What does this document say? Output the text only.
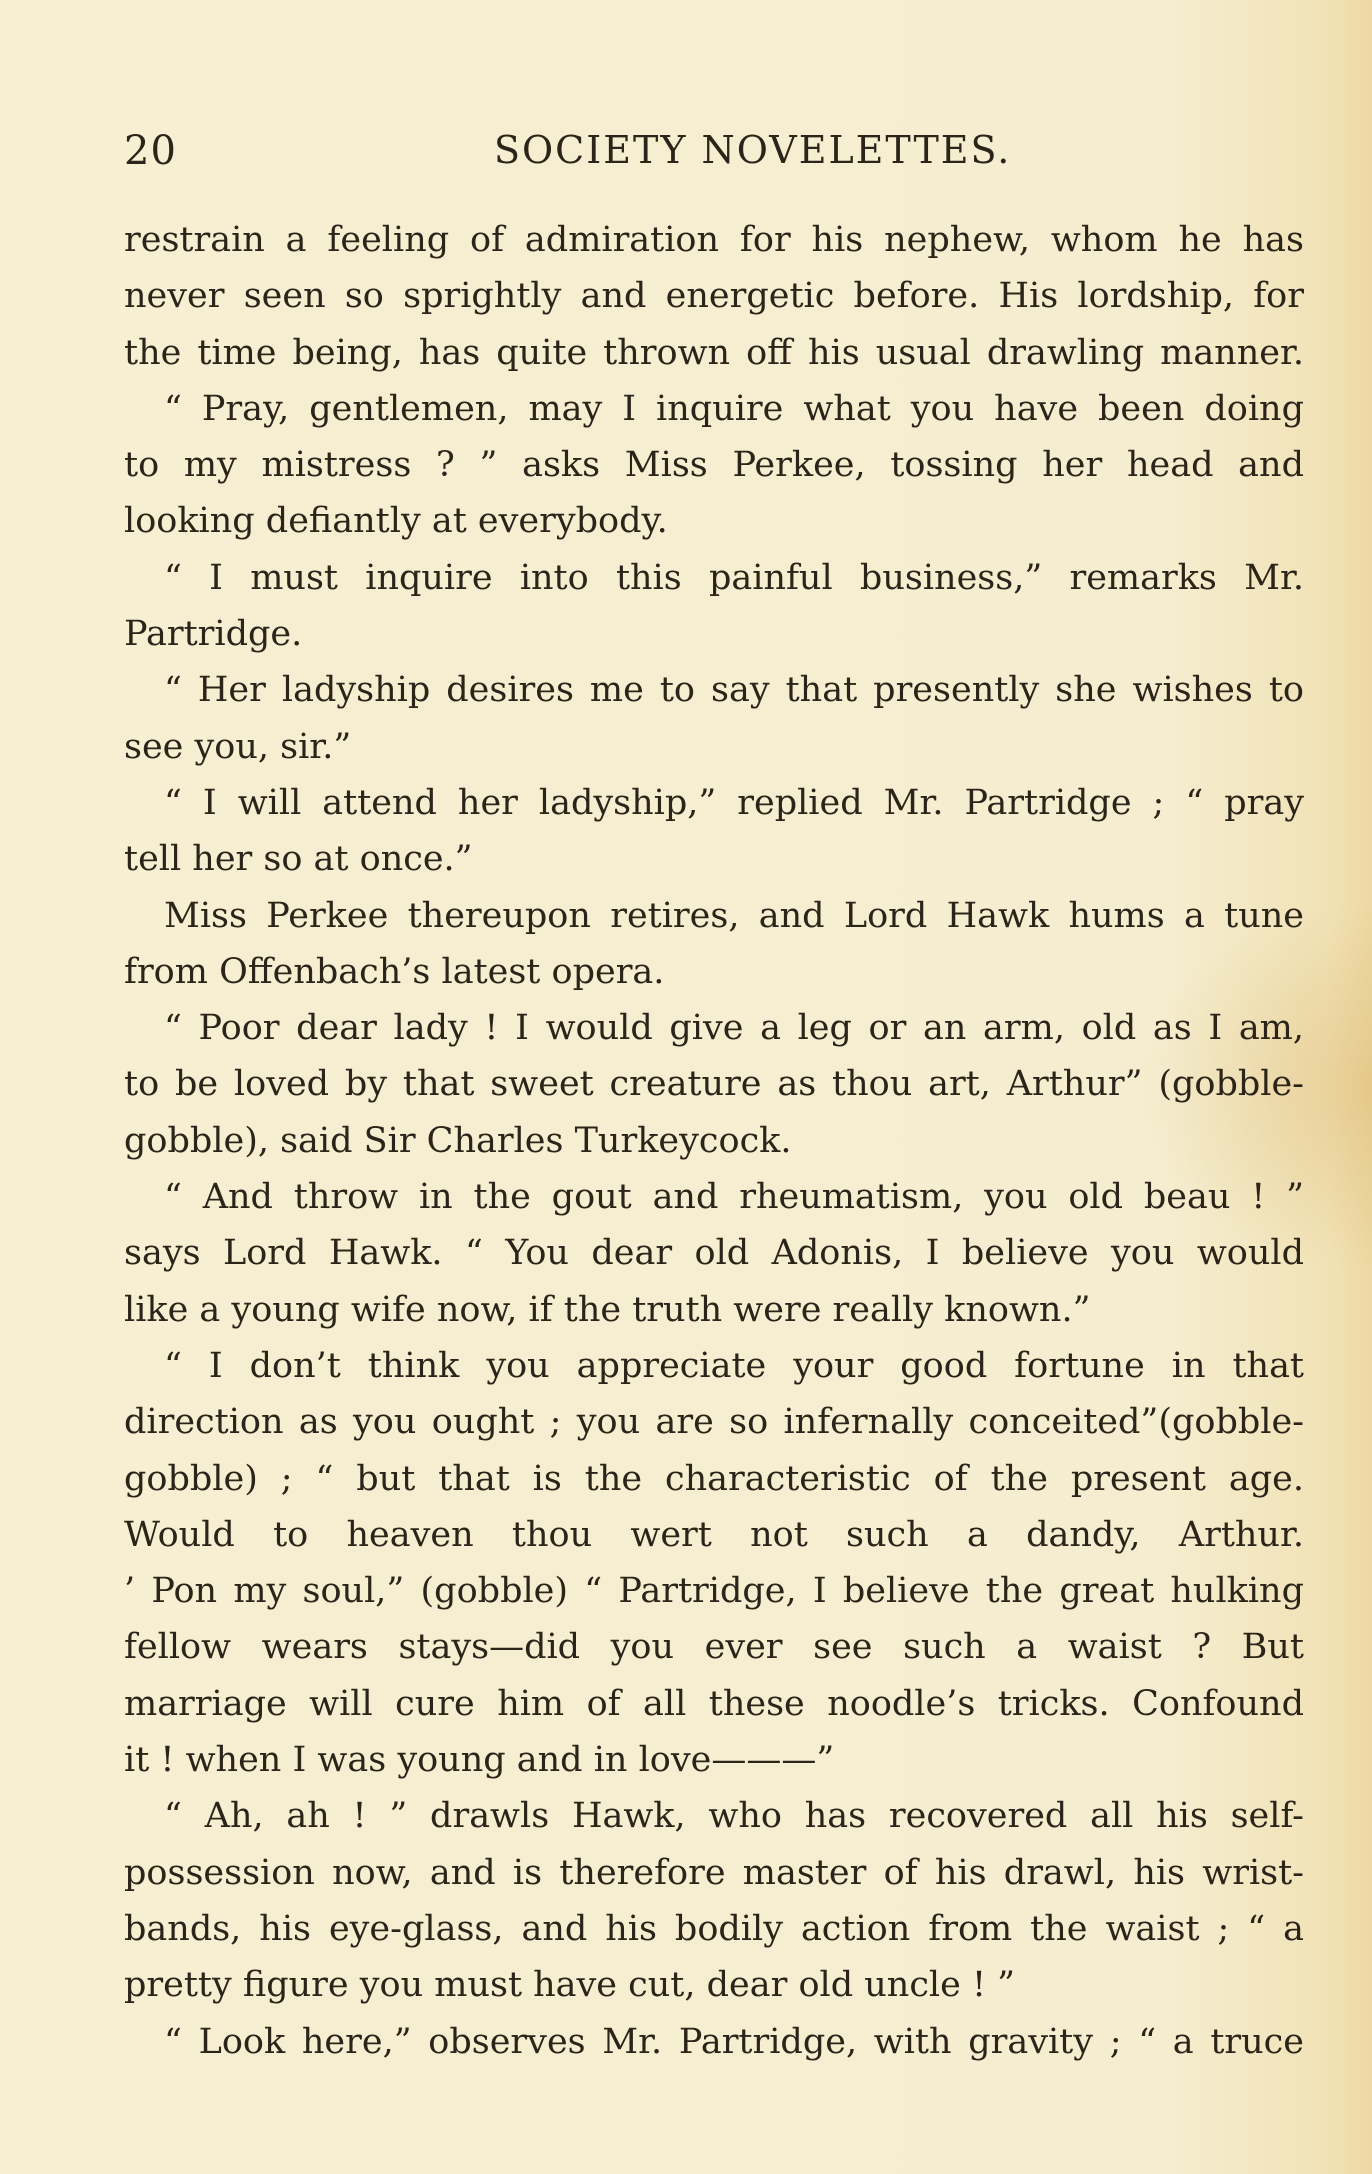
20	SOCIETY NOVELETTES.
restrain a feeling of admiration for his nephew, whom he has
never seen so sprightly and energetic before. His lordship, for
the time being, has quite thrown off his usual drawling manner.
“ Pray, gentlemen, may I inquire what you have been doing
to my mistress ? ” asks Miss Perkee, tossing her head and
looking defiantly at everybody.
“ I must inquire into this painful business,” remarks Mr.
Partridge.
“ Her ladyship desires me to say that presently she wishes to
see you, sir.”
“ I will attend her ladyship,” replied Mr. Partridge ; “ pray
tell her so at once.”
Miss Perkee thereupon retires, and Lord Hawk hums a tune
from Offenbach’s latest opera.
“ Poor dear lady ! I would give a leg or an arm, old as I am,
to be loved by that sweet creature as thou art, Arthur” (gobble-
gobble), said Sir Charles Turkeycock.
“ And throw in the gout and rheumatism, you old beau ! ”
says Lord Hawk. “ You dear old Adonis, I believe you would
like a young wife now, if the truth were really known.”
“ I don’t think you appreciate your good fortune in that
direction as you ought ; you are so infernally conceited”(gobble-
gobble) ; “ but that is the characteristic of the present age.
Would to heaven thou wert not such a dandy, Arthur.
’ Pon my soul,” (gobble) “ Partridge, I believe the great hulking
fellow wears stays—did you ever see such a waist ? But
marriage will cure him of all these noodle’s tricks. Confound
it ! when I was young and in love———”
“ Ah, ah ! ” drawls Hawk, who has recovered all his self-
possession now, and is therefore master of his drawl, his wrist-
bands, his eye-glass, and his bodily action from the waist ; “ a
pretty figure you must have cut, dear old uncle ! ”
“ Look here,” observes Mr. Partridge, with gravity ; “ a truce
